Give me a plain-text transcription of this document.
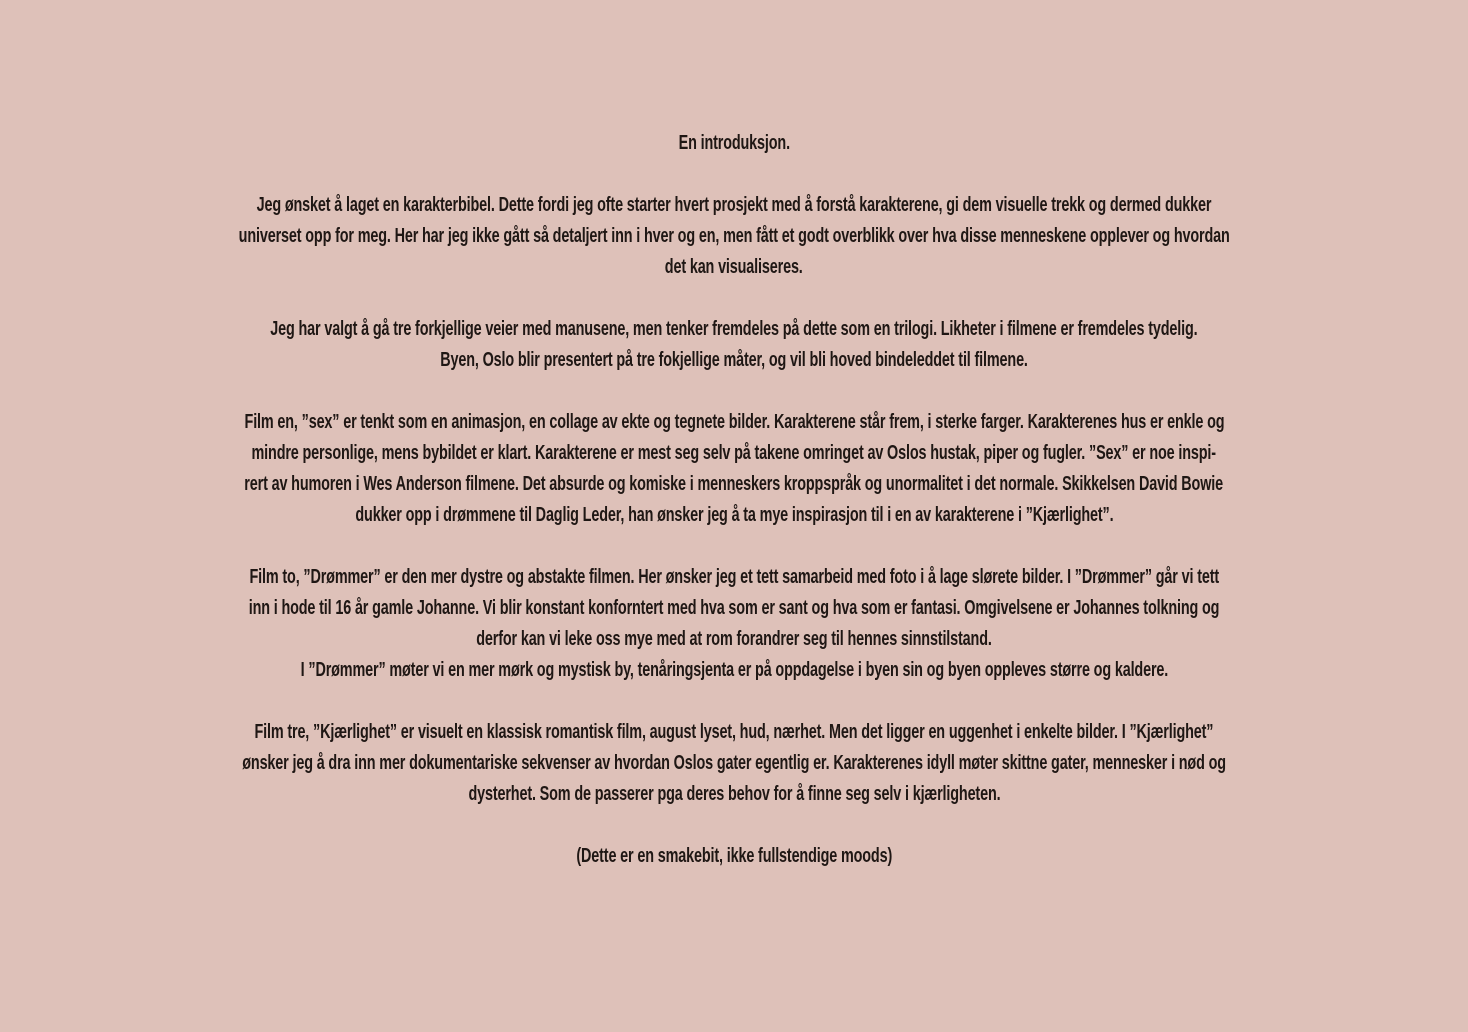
En introduksjon.
Jeg ønsket å laget en karakterbibel. Dette fordi jeg ofte starter hvert prosjekt med å forstå karakterene, gi dem visuelle trekk og dermed dukker
universet opp for meg. Her har jeg ikke gått så detaljert inn i hver og en, men fått et godt overblikk over hva disse menneskene opplever og hvordan
det kan visualiseres.
Jeg har valgt å gå tre forkjellige veier med manusene, men tenker fremdeles på dette som en trilogi. Likheter i filmene er fremdeles tydelig.
Byen, Oslo blir presentert på tre fokjellige måter, og vil bli hoved bindeleddet til filmene.
Film en, ”sex” er tenkt som en animasjon, en collage av ekte og tegnete bilder. Karakterene står frem, i sterke farger. Karakterenes hus er enkle og
mindre personlige, mens bybildet er klart. Karakterene er mest seg selv på takene omringet av Oslos hustak, piper og fugler. ”Sex” er noe inspi-
rert av humoren i Wes Anderson filmene. Det absurde og komiske i menneskers kroppspråk og unormalitet i det normale. Skikkelsen David Bowie
dukker opp i drømmene til Daglig Leder, han ønsker jeg å ta mye inspirasjon til i en av karakterene i ”Kjærlighet”.
Film to, ”Drømmer” er den mer dystre og abstakte filmen. Her ønsker jeg et tett samarbeid med foto i å lage slørete bilder. I ”Drømmer” går vi tett
inn i hode til 16 år gamle Johanne. Vi blir konstant konforntert med hva som er sant og hva som er fantasi. Omgivelsene er Johannes tolkning og
derfor kan vi leke oss mye med at rom forandrer seg til hennes sinnstilstand.
I ”Drømmer” møter vi en mer mørk og mystisk by, tenåringsjenta er på oppdagelse i byen sin og byen oppleves større og kaldere.
Film tre, ”Kjærlighet” er visuelt en klassisk romantisk film, august lyset, hud, nærhet. Men det ligger en uggenhet i enkelte bilder. I ”Kjærlighet”
ønsker jeg å dra inn mer dokumentariske sekvenser av hvordan Oslos gater egentlig er. Karakterenes idyll møter skittne gater, mennesker i nød og
dysterhet. Som de passerer pga deres behov for å finne seg selv i kjærligheten.
(Dette er en smakebit, ikke fullstendige moods)
